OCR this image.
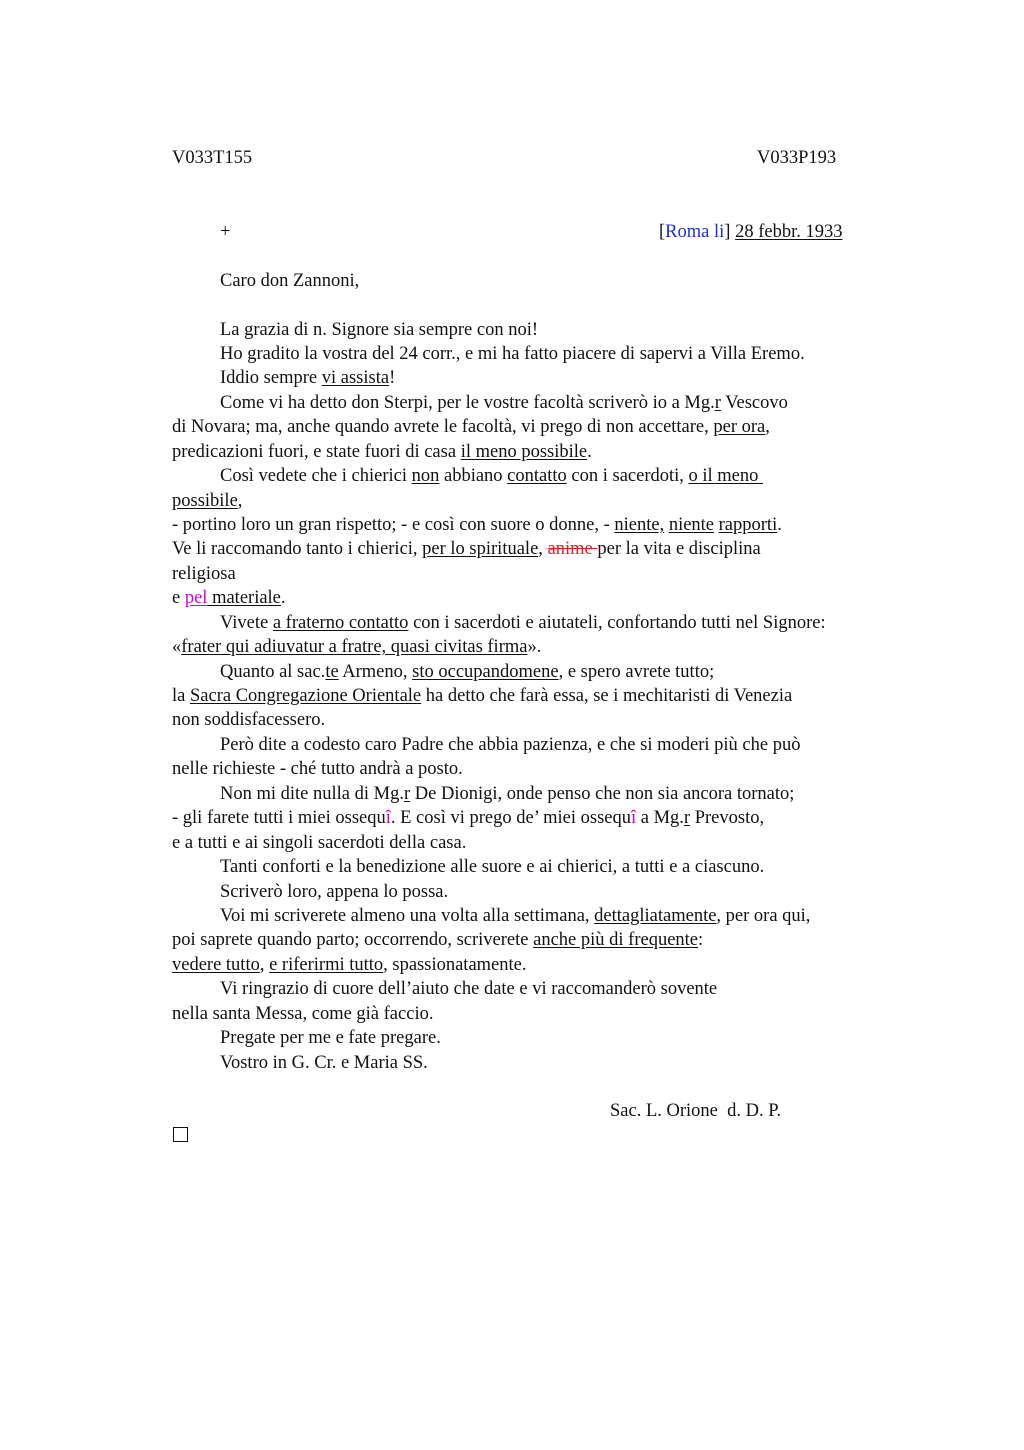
V033T155	V033P193
+	[Roma li] 28 febbr. 1933
Caro don Zannoni,
La grazia di n. Signore sia sempre con noi!
Ho gradito la vostra del 24 corr., e mi ha fatto piacere di sapervi a Villa Eremo.
Iddio sempre vi assista!
Come vi ha detto don Sterpi, per le vostre facoltà scriverò io a Mg.r Vescovo
di Novara; ma, anche quando avrete le facoltà, vi prego di non accettare, per ora,
predicazioni fuori, e state fuori di casa il meno possibile.
Così vedete che i chierici non abbiano contatto con i sacerdoti, o il meno
possibile,
- portino loro un gran rispetto; - e così con suore o donne, - niente, niente rapporti.
Ve li raccomando tanto i chierici, per lo spirituale, anime per la vita e disciplina
religiosa
e pel materiale.
Vivete a fraterno contatto con i sacerdoti e aiutateli, confortando tutti nel Signore:
«frater qui adiuvatur a fratre, quasi civitas firma».
Quanto al sac.te Armeno, sto occupandomene, e spero avrete tutto;
la Sacra Congregazione Orientale ha detto che farà essa, se i mechitaristi di Venezia
non soddisfacessero.
Però dite a codesto caro Padre che abbia pazienza, e che si moderi più che può
nelle richieste - ché tutto andrà a posto.
Non mi dite nulla di Mg.r De Dionigi, onde penso che non sia ancora tornato;
- gli farete tutti i miei ossequî. E così vi prego de’ miei ossequî a Mg.r Prevosto,
e a tutti e ai singoli sacerdoti della casa.
Tanti conforti e la benedizione alle suore e ai chierici, a tutti e a ciascuno.
Scriverò loro, appena lo possa.
Voi mi scriverete almeno una volta alla settimana, dettagliatamente, per ora qui,
poi saprete quando parto; occorrendo, scriverete anche più di frequente:
vedere tutto, e riferirmi tutto, spassionatamente.
Vi ringrazio di cuore dell’aiuto che date e vi raccomanderò sovente
nella santa Messa, come già faccio.
Pregate per me e fate pregare.
Vostro in G. Cr. e Maria SS.
Sac. L. Orione  d. D. P.
